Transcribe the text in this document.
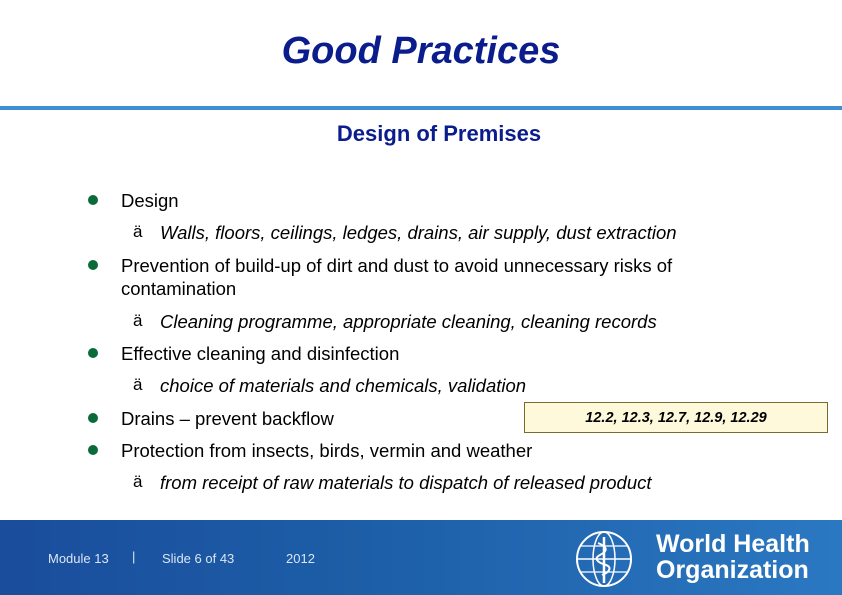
Good Practices
Design of Premises
Design
ä Walls, floors, ceilings, ledges, drains, air supply, dust extraction
Prevention of build-up of dirt and dust to avoid unnecessary risks of
contamination
ä Cleaning programme, appropriate cleaning, cleaning records
Effective cleaning and disinfection
ä choice of materials and chemicals, validation
Drains – prevent backflow
Protection from insects, birds, vermin and weather
ä from receipt of raw materials to dispatch of released product
12.2, 12.3, 12.7, 12.9, 12.29
Module 13 | Slide 6 of 43	2012
World Health
Organization
